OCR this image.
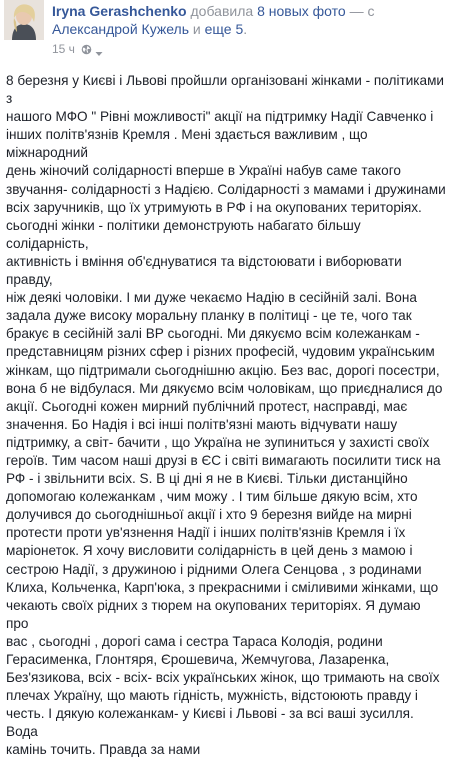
Iryna Gerashchenko добавила 8 новых фото — с Александрой Кужель и еще 5.
15 ч

8 березня у Києві і Львові пройшли організовані жінками - політиками з
нашого МФО " Рівні можливості" акції на підтримку Надії Савченко і
інших політв'язнів Кремля . Мені здається важливим , що міжнародний
день жіночий солідарності вперше в Україні набув саме такого
звучання- солідарності з Надією. Солідарності з мамами і дружинами
всіх заручників, що їх утримують в РФ і на окупованих територіях.
сьогодні жінки - політики демонструють набагато більшу солідарність,
активність і вміння об'єднуватися та відстоювати і виборювати правду,
ніж деякі чоловіки. І ми дуже чекаємо Надію в сесійній залі. Вона
задала дуже високу моральну планку в політиці - це те, чого так
бракує в сесійній залі ВР сьогодні. Ми дякуємо всім колежанкам -
представницям різних сфер і різних професій, чудовим українським
жінкам, що підтримали сьогоднішню акцію. Без вас, дорогі посестри,
вона б не відбулася. Ми дякуємо всім чоловікам, що приєдналися до
акції. Сьогодні кожен мирний публічний протест, насправді, має
значення. Бо Надія і всі інші політв'язні мають відчувати нашу
підтримку, а світ- бачити , що Україна не зупиниться у захисті своїх
героїв. Тим часом наші друзі в ЄС і світі вимагають посилити тиск на
РФ - і звільнити всіх. S. В ці дні я не в Києві. Тільки дистанційно
допомогаю колежанкам , чим можу . І тим більше дякую всім, хто
долучився до сьогоднішньої акції і хто 9 березня вийде на мирні
протести проти ув'язнення Надії і інших політв'язнів Кремля і їх
маріонеток. Я хочу висловити солідарність в цей день з мамою і
сестрою Надії, з дружиною і рідними Олега Сенцова , з родинами
Клиха, Кольченка, Карп'юка, з прекрасними і сміливими жінками, що
чекають своїх рідних з тюрем на окупованих територіях. Я думаю про
вас , сьогодні , дорогі сама і сестра Тараса Колодія, родини
Герасименка, Глонтяря, Єрошевича, Жемчугова, Лазаренка,
Без'язикова, всіх - всіх- всіх українських жінок, що тримають на своїх
плечах Україну, що мають гідність, мужність, відстоюють правду і
честь. І дякую колежанкам- у Києві і Львові - за всі ваші зусилля. Вода
камінь точить. Правда за нами
